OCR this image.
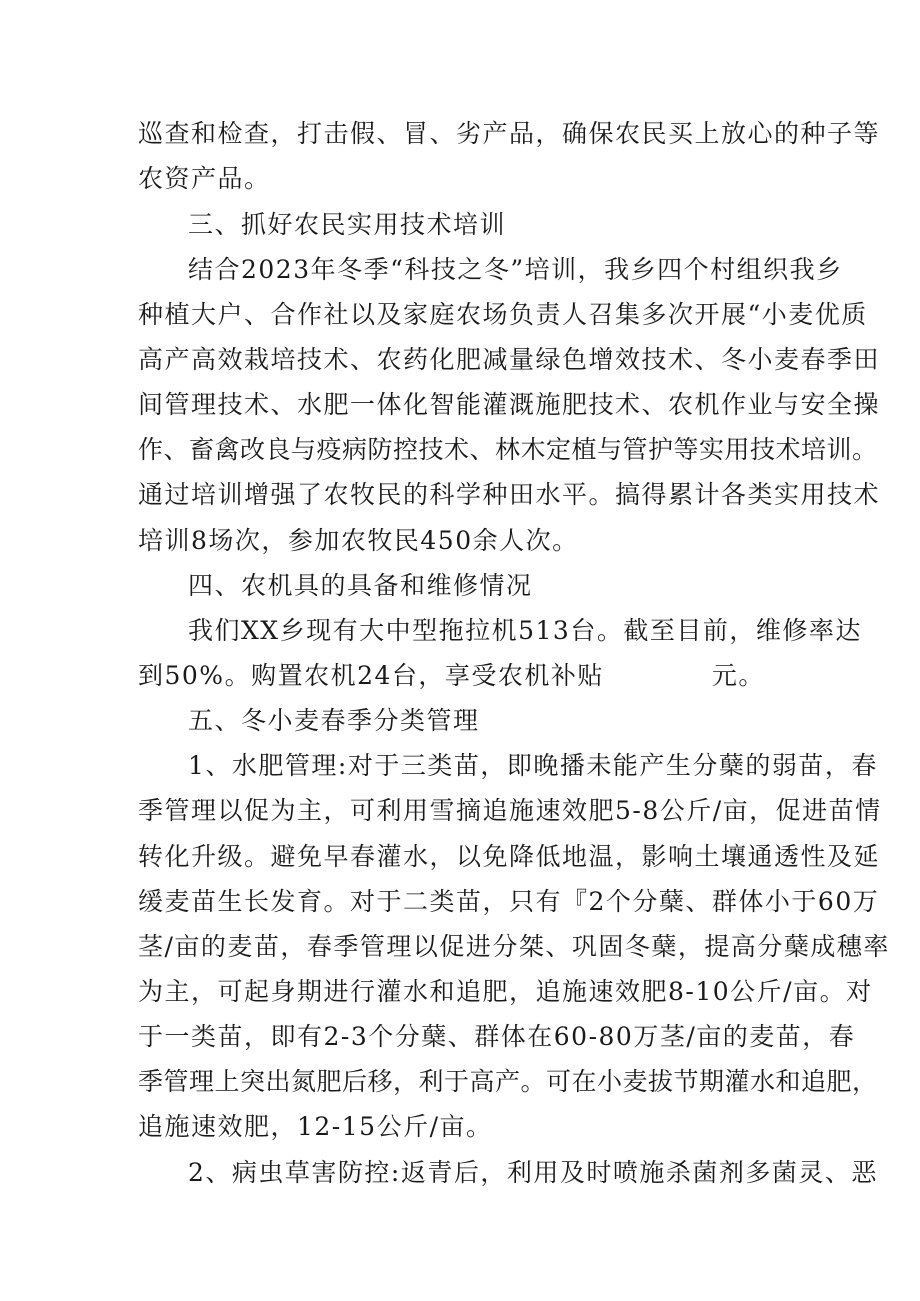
巡查和检查，打击假、冒、劣产品，确保农民买上放心的种子等
农资产品。
三、抓好农民实用技术培训
结合2023年冬季“科技之冬”培训，我乡四个村组织我乡
种植大户、合作社以及家庭农场负责人召集多次开展“小麦优质
高产高效栽培技术、农药化肥减量绿色增效技术、冬小麦春季田
间管理技术、水肥一体化智能灌溉施肥技术、农机作业与安全操
作、畜禽改良与疫病防控技术、林木定植与管护等实用技术培训。
通过培训增强了农牧民的科学种田水平。搞得累计各类实用技术
培训8场次，参加农牧民450余人次。
四、农机具的具备和维修情况
我们XX乡现有大中型拖拉机513台。截至目前，维修率达
到50%。购置农机24台，享受农机补贴	元。
五、冬小麦春季分类管理
1、水肥管理:对于三类苗，即晚播未能产生分蘖的弱苗，春
季管理以促为主，可利用雪摘追施速效肥5-8公斤/亩，促进苗情
转化升级。避免早春灌水，以免降低地温，影响土壤通透性及延
缓麦苗生长发育。对于二类苗，只有『2个分蘖、群体小于60万
茎/亩的麦苗，春季管理以促进分桀、巩固冬蘖，提高分蘖成穗率
为主，可起身期进行灌水和追肥，追施速效肥8-10公斤/亩。对
于一类苗，即有2-3个分蘖、群体在60-80万茎/亩的麦苗，春
季管理上突出氮肥后移，利于高产。可在小麦拔节期灌水和追肥，
追施速效肥，12-15公斤/亩。
2、病虫草害防控:返青后，利用及时喷施杀菌剂多菌灵、恶
